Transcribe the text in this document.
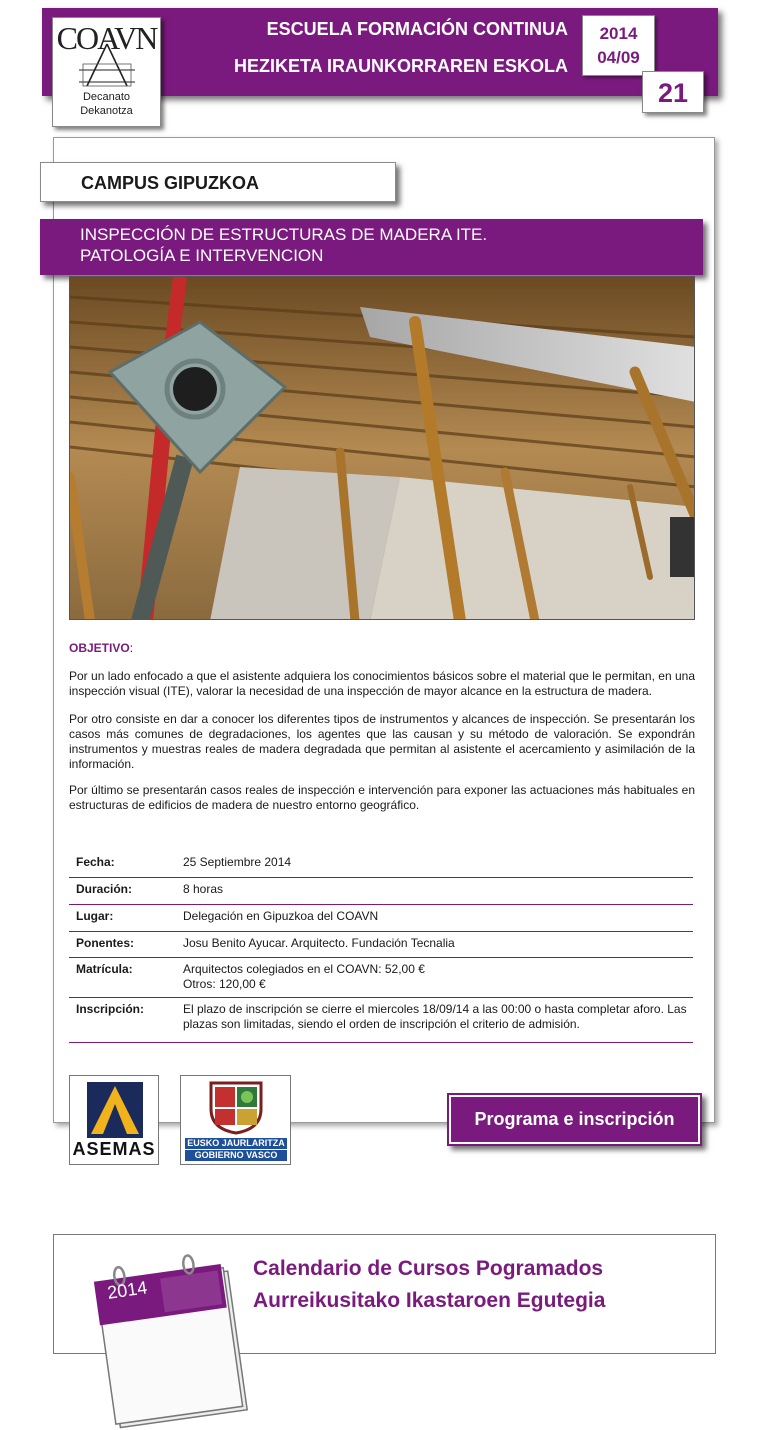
ESCUELA FORMACIÓN CONTINUA
HEZIKETA IRAUNKORRAREN ESKOLA
COAVN
Decanato
Dekanotza
2014
04/09
21
CAMPUS GIPUZKOA
INSPECCIÓN DE ESTRUCTURAS DE MADERA ITE.
PATOLOGÍA E INTERVENCION
OBJETIVO:
Por un lado enfocado a que el asistente adquiera los conocimientos básicos sobre el material que le permitan, en una inspección visual (ITE), valorar la necesidad de una inspección de mayor alcance en la estructura de madera.
Por otro consiste en dar a conocer los diferentes tipos de instrumentos y alcances de inspección. Se presentarán los casos más comunes de degradaciones, los agentes que las causan y su método de valoración. Se expondrán instrumentos y muestras reales de madera degradada que permitan al asistente el acercamiento y asimilación de la información.
Por último se presentarán casos reales de inspección e intervención para exponer las actuaciones más habituales en estructuras de edificios de madera de nuestro entorno geográfico.
Fecha:	25 Septiembre 2014
Duración:	8 horas
Lugar:	Delegación en Gipuzkoa del COAVN
Ponentes:	Josu Benito Ayucar. Arquitecto. Fundación Tecnalia
Matrícula:	Arquitectos colegiados en el COAVN: 52,00 €
Otros: 120,00 €
Inscripción:	El plazo de inscripción se cierre el miercoles 18/09/14 a las 00:00 o hasta completar aforo. Las plazas son limitadas, siendo el orden de inscripción el criterio de admisión.
ASEMAS	EUSKO JAURLARITZA
GOBIERNO VASCO
Programa e inscripción
2014
Calendario de Cursos Pogramados
Aurreikusitako Ikastaroen Egutegia
